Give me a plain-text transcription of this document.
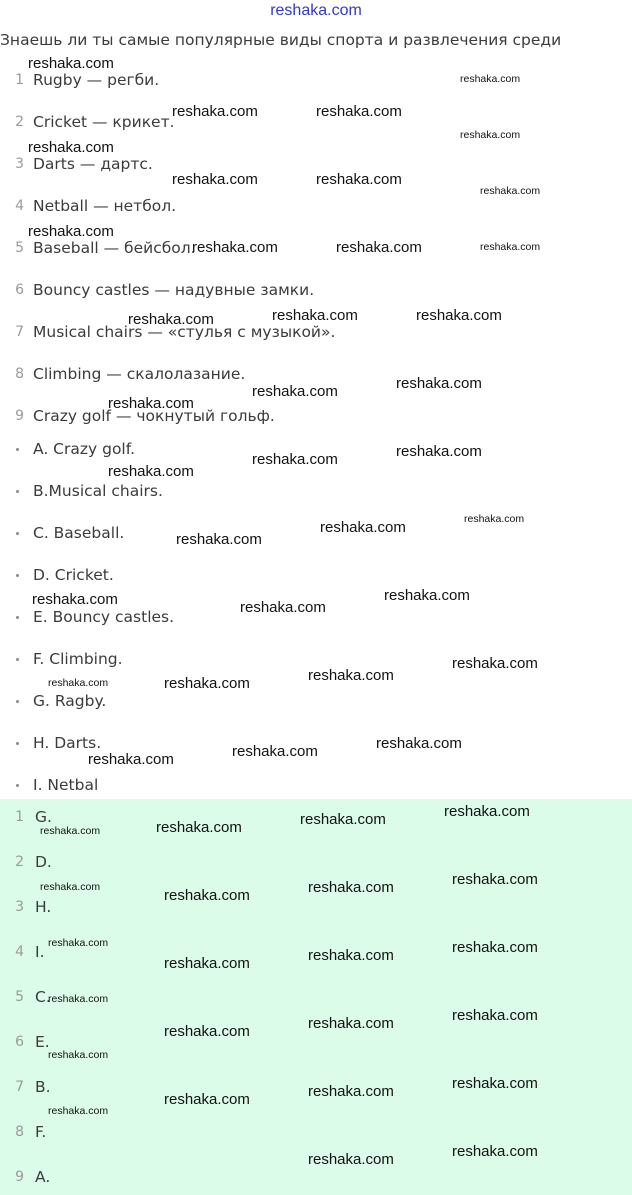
reshaka.com
Знаешь ли ты самые популярные виды спорта и развлечения среди
1 Rugby — регби.
2 Cricket — крикет.
3 Darts — дартс.
4 Netball — нетбол.
5 Baseball — бейсбол.
6 Bouncy castles — надувные замки.
7 Musical chairs — «стулья с музыкой».
8 Climbing — скалолазание.
9 Crazy golf — чокнутый гольф.
A. Crazy golf.
B.Musical chairs.
C. Baseball.
D. Cricket.
E. Bouncy castles.
F. Climbing.
G. Ragby.
H. Darts.
I. Netbal
1 G.
2 D.
3 H.
4 I.
5 C.
6 E.
7 B.
8 F.
9 A.
reshaka.com
reshaka.com
reshaka.com	reshaka.com
reshaka.com
reshaka.com
reshaka.com	reshaka.com
reshaka.com
reshaka.com
reshaka.com	reshaka.com	reshaka.com
reshaka.com	reshaka.com
reshaka.com
reshaka.com
reshaka.com
reshaka.com
reshaka.com
reshaka.com
reshaka.com
reshaka.com
reshaka.com
reshaka.com
reshaka.com
reshaka.com	reshaka.com
reshaka.com
reshaka.com
reshaka.com	reshaka.com
reshaka.com
reshaka.com
reshaka.com
reshaka.com
reshaka.com
reshaka.com
reshaka.com
reshaka.com
reshaka.com	reshaka.com
reshaka.com
reshaka.com	reshaka.com
reshaka.com
reshaka.com
reshaka.com
reshaka.com
reshaka.com
reshaka.com
reshaka.com
reshaka.com
reshaka.com
reshaka.com
reshaka.com
reshaka.com
reshaka.com
